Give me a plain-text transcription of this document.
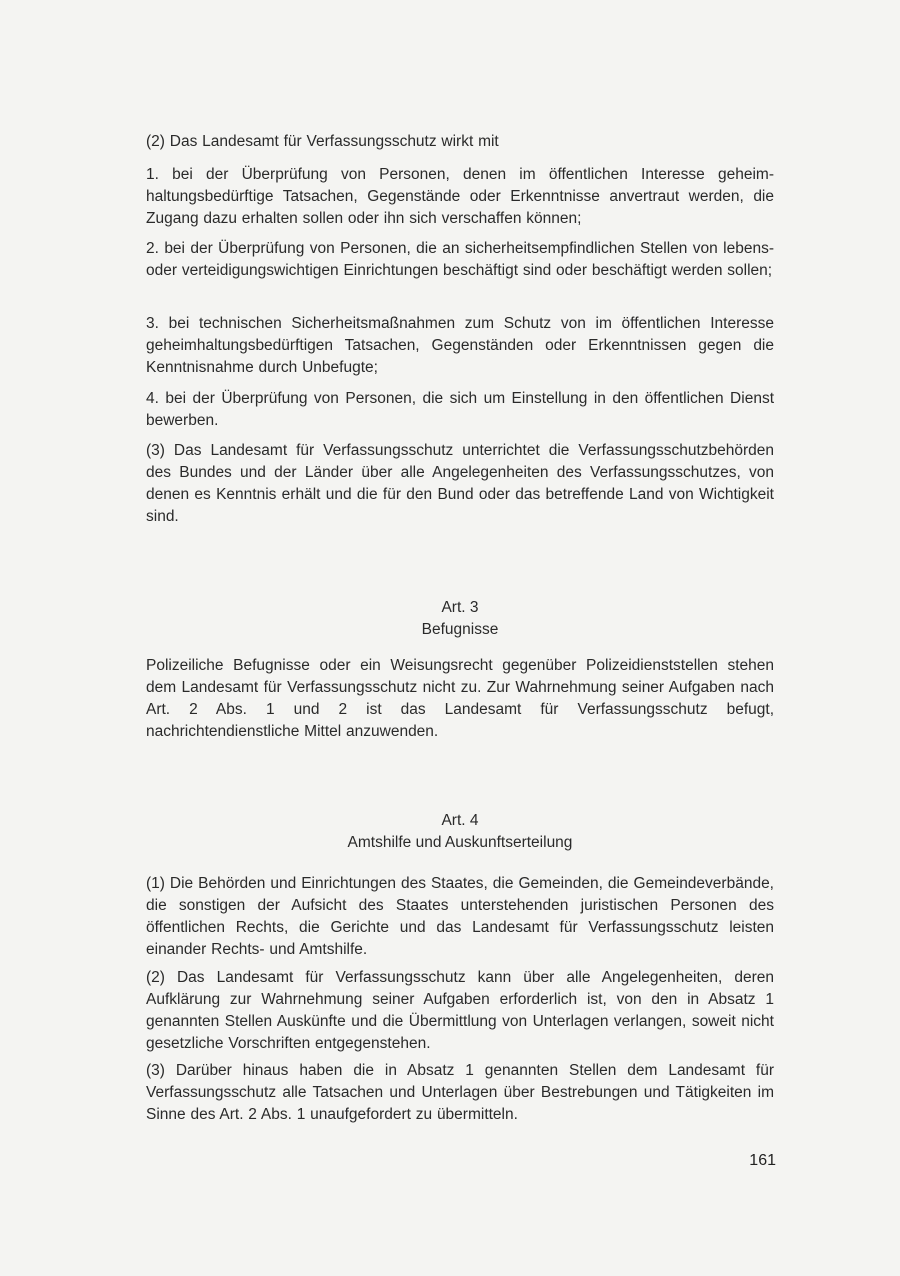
(2) Das Landesamt für Verfassungsschutz wirkt mit

1. bei der Überprüfung von Personen, denen im öffentlichen Interesse geheimhaltungsbedürftige Tatsachen, Gegenstände oder Erkenntnisse anvertraut werden, die Zugang dazu erhalten sollen oder ihn sich verschaffen können;

2. bei der Überprüfung von Personen, die an sicherheitsempfindlichen Stellen von lebens- oder verteidigungswichtigen Einrichtungen beschäftigt sind oder beschäftigt werden sollen;

3. bei technischen Sicherheitsmaßnahmen zum Schutz von im öffentlichen Interesse geheimhaltungsbedürftigen Tatsachen, Gegenständen oder Erkenntnissen gegen die Kenntnisnahme durch Unbefugte;

4. bei der Überprüfung von Personen, die sich um Einstellung in den öffentlichen Dienst bewerben.

(3) Das Landesamt für Verfassungsschutz unterrichtet die Verfassungsschutzbehörden des Bundes und der Länder über alle Angelegenheiten des Verfassungsschutzes, von denen es Kenntnis erhält und die für den Bund oder das betreffende Land von Wichtigkeit sind.

Art. 3

Befugnisse

Polizeiliche Befugnisse oder ein Weisungsrecht gegenüber Polizeidienststellen stehen dem Landesamt für Verfassungsschutz nicht zu. Zur Wahrnehmung seiner Aufgaben nach Art. 2 Abs. 1 und 2 ist das Landesamt für Verfassungsschutz befugt, nachrichtendienstliche Mittel anzuwenden.

Art. 4

Amtshilfe und Auskunftserteilung

(1) Die Behörden und Einrichtungen des Staates, die Gemeinden, die Gemeindeverbände, die sonstigen der Aufsicht des Staates unterstehenden juristischen Personen des öffentlichen Rechts, die Gerichte und das Landesamt für Verfassungsschutz leisten einander Rechts- und Amtshilfe.

(2) Das Landesamt für Verfassungsschutz kann über alle Angelegenheiten, deren Aufklärung zur Wahrnehmung seiner Aufgaben erforderlich ist, von den in Absatz 1 genannten Stellen Auskünfte und die Übermittlung von Unterlagen verlangen, soweit nicht gesetzliche Vorschriften entgegenstehen.

(3) Darüber hinaus haben die in Absatz 1 genannten Stellen dem Landesamt für Verfassungsschutz alle Tatsachen und Unterlagen über Bestrebungen und Tätigkeiten im Sinne des Art. 2 Abs. 1 unaufgefordert zu übermitteln.

161
